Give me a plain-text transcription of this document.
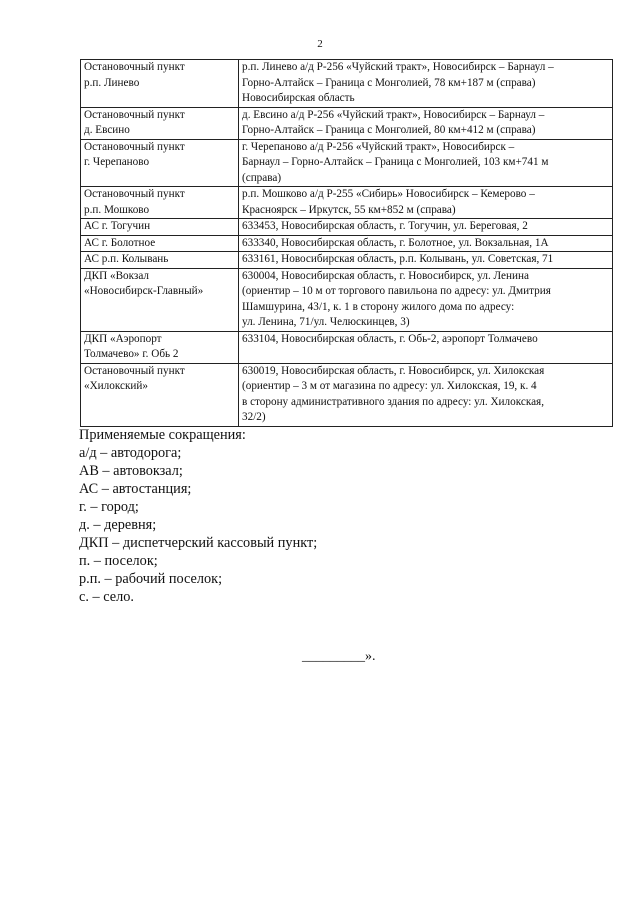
2
Остановочный пункт
р.п. Линево	р.п. Линево а/д Р-256 «Чуйский тракт», Новосибирск – Барнаул –
Горно-Алтайск – Граница с Монголией, 78 км+187 м (справа)
Новосибирская область

Остановочный пункт
д. Евсино	д. Евсино а/д Р-256 «Чуйский тракт», Новосибирск – Барнаул –
Горно-Алтайск – Граница с Монголией, 80 км+412 м (справа)

Остановочный пункт
г. Черепаново	г. Черепаново а/д Р-256 «Чуйский тракт», Новосибирск –
Барнаул – Горно-Алтайск – Граница с Монголией, 103 км+741 м
(справа)

Остановочный пункт
р.п. Мошково	р.п. Мошково а/д Р-255 «Сибирь» Новосибирск – Кемерово –
Красноярск – Иркутск, 55 км+852 м (справа)

АС г. Тогучин	633453, Новосибирская область, г. Тогучин, ул. Береговая, 2

АС г. Болотное	633340, Новосибирская область, г. Болотное, ул. Вокзальная, 1А

АС р.п. Колывань	633161, Новосибирская область, р.п. Колывань, ул. Советская, 71

ДКП «Вокзал
«Новосибирск-Главный»	630004, Новосибирская область, г. Новосибирск, ул. Ленина
(ориентир – 10 м от торгового павильона по адресу: ул. Дмитрия
Шамшурина, 43/1, к. 1 в сторону жилого дома по адресу:
ул. Ленина, 71/ул. Челюскинцев, 3)

ДКП «Аэропорт
Толмачево» г. Обь 2	633104, Новосибирская область, г. Обь-2, аэропорт Толмачево

Остановочный пункт
«Хилокский»	630019, Новосибирская область, г. Новосибирск, ул. Хилокская
(ориентир – 3 м от магазина по адресу: ул. Хилокская, 19, к. 4
в сторону административного здания по адресу: ул. Хилокская,
32/2)
Применяемые сокращения:
а/д – автодорога;
АВ – автовокзал;
АС – автостанция;
г. – город;
д. – деревня;
ДКП – диспетчерский кассовый пункт;
п. – поселок;
р.п. – рабочий поселок;
с. – село.
_________».
